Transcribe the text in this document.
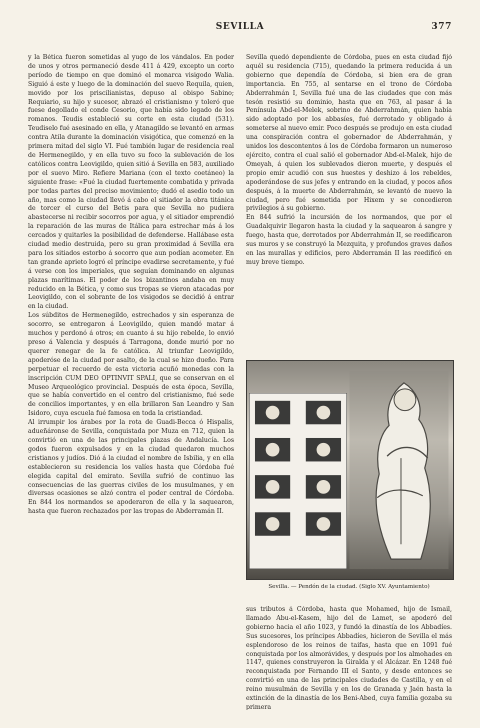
SEVILLA	377

y la Bética fueron sometidas al yugo de los vándalos. En poder de unos y otros permaneció desde 411 á 429, excepto un corto período de tiempo en que dominó el monarca visigodo Walia. Siguió á este y luego de la dominación del suevo Requila, quien, movido por los priscilianistas, depuso al obispo Sabino; Requiario, su hijo y sucesor, abrazó el cristianismo y toleró que fuese degollado el conde Cesorio, que había sido legado de los romanos. Teudis estableció su corte en esta ciudad (531). Teudiselo fué asesinado en ella, y Atanagildo se levantó en armas contra Atila durante la dominación visigótica, que comenzó en la primera mitad del siglo VI. Fué también lugar de residencia real de Hermenegildo, y en ella tuvo su foco la sublevación de los católicos contra Leovigildo, quien sitió á Sevilla en 583, auxiliado por el suevo Miro. Refiere Mariana (con el texto coetáneo) la siguiente frase: «Fué la ciudad fuertemente combatida y privada por todas partes del preciso movimiento; dudó el asedio todo un año, mas como la ciudad llevó á cabo el sitiador la obra titánica de torcer el curso del Betis para que Sevilla no pudiera abastecerse ni recibir socorros por agua, y el sitiador emprendió la reparación de las muras de Itálica para estrechar más á los cercados y quitarles la posibilidad de defenderse. Hallábase esta ciudad medio destruida, pero su gran proximidad á Sevilla era para los sitiados estorbo á socorro que aun podían acometer. En tan grande aprieto logró el príncipe evadirse secretamente, y fué á verse con los imperiales, que seguían dominando en algunas plazas marítimas. El poder de los bizantinos andaba en muy reducido en la Bética, y como sus tropas se vieron atacadas por Leovigildo, con el sobrante de los visigodos se decidió á entrar en la ciudad.

Los súbditos de Hermenegildo, estrechados y sin esperanza de socorro, se entregaron á Leovigildo, quien mandó matar á muchos y perdonó á otros; en cuanto á su hijo rebelde, lo envió preso á Valencia y después á Tarragona, donde murió por no querer renegar de la fe católica. Al triunfar Leovigildo, apoderóse de la ciudad por asalto, de la cual se hizo dueño. Para perpetuar el recuerdo de esta victoria acuñó monedas con la inscripción CUM DEO OPTINVIT SPALI, que se conservan en el Museo Arqueológico provincial. Después de esta época, Sevilla, que se había convertido en el centro del cristianismo, fué sede de concilios importantes, y en ella brillaron San Leandro y San Isidoro, cuya escuela fué famosa en toda la cristiandad.

Al irrumpir los árabes por la rota de Guadi-Becca ó Hispalis, adueñáronse de Sevilla, conquistada por Muza en 712, quien la convirtió en una de las principales plazas de Andalucía. Los godos fueron expulsados y en la ciudad quedaron muchos cristianos y judíos. Dió á la ciudad el nombre de Isbilia, y en ella establecieron su residencia los valíes hasta que Córdoba fué elegida capital del emirato. Sevilla sufrió de continuo las consecuencias de las guerras civiles de los musulmanes, y en diversas ocasiones se alzó contra el poder central de Córdoba. En 844 los normandos se apoderaron de ella y la saquearon, hasta que fueron rechazados por las tropas de Abderramán II.

Sevilla quedó dependiente de Córdoba, pues en esta ciudad fijó aquél su residencia (715), quedando la primera reducida á un gobierno que dependía de Córdoba, si bien era de gran importancia. En 755, al sentarse en el trono de Córdoba Abderrahmán I, Sevilla fué una de las ciudades que con más tesón resistió su dominio, hasta que en 763, al pasar á la Península Abd-el-Melek, sobrino de Abderrahmán, quien había sido adoptado por los abbasíes, fué derrotado y obligado á someterse al nuevo emir. Poco después se produjo en esta ciudad una conspiración contra el gobernador de Abderrahmán, y unidos los descontentos á los de Córdoba formaron un numeroso ejército, contra el cual salió el gobernador Abd-el-Malek, hijo de Omeyah, á quien los sublevados dieron muerte, y después el propio emir acudió con sus huestes y deshizo á los rebeldes, apoderándose de sus jefes y entrando en la ciudad, y pocos años después, á la muerte de Abderrahmán, se levantó de nuevo la ciudad, pero fué sometida por Hixem y se concedieron privilegios á su gobierno.

En 844 sufrió la incursión de los normandos, que por el Guadalquivir llegaron hasta la ciudad y la saquearon á sangre y fuego, hasta que, derrotados por Abderrahmán II, se reedificaron sus muros y se construyó la Mezquita, y profundos graves daños en las murallas y edificios, pero Abderramán II las reedificó en muy breve tiempo.

Sevilla. — Pendón de la ciudad. (Siglo XV. Ayuntamiento)

sus tributos á Córdoba, hasta que Mohamed, hijo de Ismail, llamado Abu-el-Kasem, hijo del de Lamet, se apoderó del gobierno hacia el año 1023, y fundó la dinastía de los Abbadíes. Sus sucesores, los príncipes Abbadíes, hicieron de Sevilla el más esplendoroso de los reinos de taifas, hasta que en 1091 fué conquistada por los almorávides, y después por los almohades en 1147, quienes construyeron la Giralda y el Alcázar. En 1248 fué reconquistada por Fernando III el Santo, y desde entonces se convirtió en una de las principales ciudades de Castilla, y en el reino musulmán de Sevilla y en los de Granada y Jaén hasta la extinción de la dinastía de los Beni-Abed, cuya familia gozaba su primera
